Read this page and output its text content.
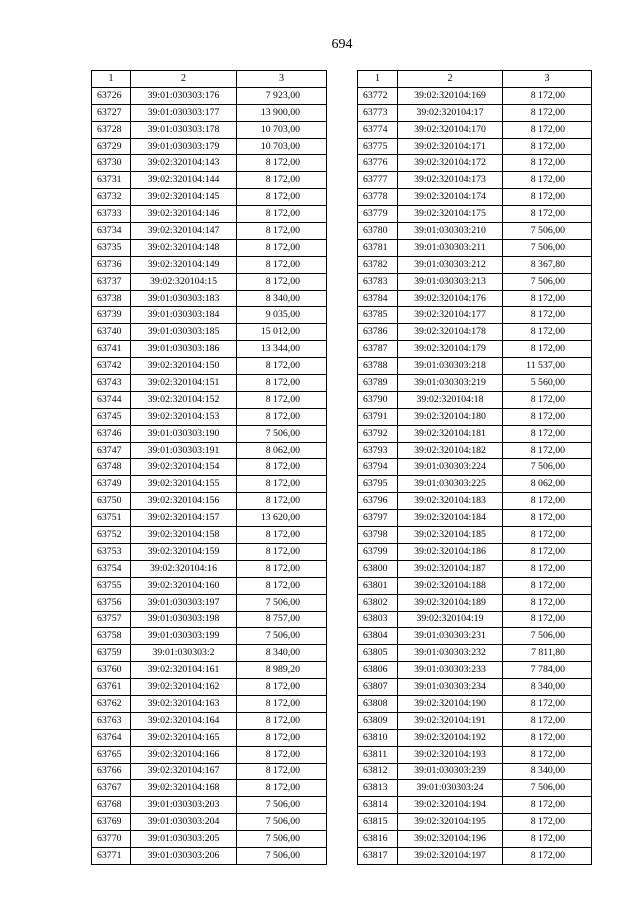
694
1	2	3
63726	39:01:030303:176	7 923,00
63727	39:01:030303:177	13 900,00
63728	39:01:030303:178	10 703,00
63729	39:01:030303:179	10 703,00
63730	39:02:320104:143	8 172,00
63731	39:02:320104:144	8 172,00
63732	39:02:320104:145	8 172,00
63733	39:02:320104:146	8 172,00
63734	39:02:320104:147	8 172,00
63735	39:02:320104:148	8 172,00
63736	39:02:320104:149	8 172,00
63737	39:02:320104:15	8 172,00
63738	39:01:030303:183	8 340,00
63739	39:01:030303:184	9 035,00
63740	39:01:030303:185	15 012,00
63741	39:01:030303:186	13 344,00
63742	39:02:320104:150	8 172,00
63743	39:02:320104:151	8 172,00
63744	39:02:320104:152	8 172,00
63745	39:02:320104:153	8 172,00
63746	39:01:030303:190	7 506,00
63747	39:01:030303:191	8 062,00
63748	39:02:320104:154	8 172,00
63749	39:02:320104:155	8 172,00
63750	39:02:320104:156	8 172,00
63751	39:02:320104:157	13 620,00
63752	39:02:320104:158	8 172,00
63753	39:02:320104:159	8 172,00
63754	39:02:320104:16	8 172,00
63755	39:02:320104:160	8 172,00
63756	39:01:030303:197	7 506,00
63757	39:01:030303:198	8 757,00
63758	39:01:030303:199	7 506,00
63759	39:01:030303:2	8 340,00
63760	39:02:320104:161	8 989,20
63761	39:02:320104:162	8 172,00
63762	39:02:320104:163	8 172,00
63763	39:02:320104:164	8 172,00
63764	39:02:320104:165	8 172,00
63765	39:02:320104:166	8 172,00
63766	39:02:320104:167	8 172,00
63767	39:02:320104:168	8 172,00
63768	39:01:030303:203	7 506,00
63769	39:01:030303:204	7 506,00
63770	39:01:030303:205	7 506,00
63771	39:01:030303:206	7 506,00
1	2	3
63772	39:02:320104:169	8 172,00
63773	39:02:320104:17	8 172,00
63774	39:02:320104:170	8 172,00
63775	39:02:320104:171	8 172,00
63776	39:02:320104:172	8 172,00
63777	39:02:320104:173	8 172,00
63778	39:02:320104:174	8 172,00
63779	39:02:320104:175	8 172,00
63780	39:01:030303:210	7 506,00
63781	39:01:030303:211	7 506,00
63782	39:01:030303:212	8 367,80
63783	39:01:030303:213	7 506,00
63784	39:02:320104:176	8 172,00
63785	39:02:320104:177	8 172,00
63786	39:02:320104:178	8 172,00
63787	39:02:320104:179	8 172,00
63788	39:01:030303:218	11 537,00
63789	39:01:030303:219	5 560,00
63790	39:02:320104:18	8 172,00
63791	39:02:320104:180	8 172,00
63792	39:02:320104:181	8 172,00
63793	39:02:320104:182	8 172,00
63794	39:01:030303:224	7 506,00
63795	39:01:030303:225	8 062,00
63796	39:02:320104:183	8 172,00
63797	39:02:320104:184	8 172,00
63798	39:02:320104:185	8 172,00
63799	39:02:320104:186	8 172,00
63800	39:02:320104:187	8 172,00
63801	39:02:320104:188	8 172,00
63802	39:02:320104:189	8 172,00
63803	39:02:320104:19	8 172,00
63804	39:01:030303:231	7 506,00
63805	39:01:030303:232	7 811,80
63806	39:01:030303:233	7 784,00
63807	39:01:030303:234	8 340,00
63808	39:02:320104:190	8 172,00
63809	39:02:320104:191	8 172,00
63810	39:02:320104:192	8 172,00
63811	39:02:320104:193	8 172,00
63812	39:01:030303:239	8 340,00
63813	39:01:030303:24	7 506,00
63814	39:02:320104:194	8 172,00
63815	39:02:320104:195	8 172,00
63816	39:02:320104:196	8 172,00
63817	39:02:320104:197	8 172,00
